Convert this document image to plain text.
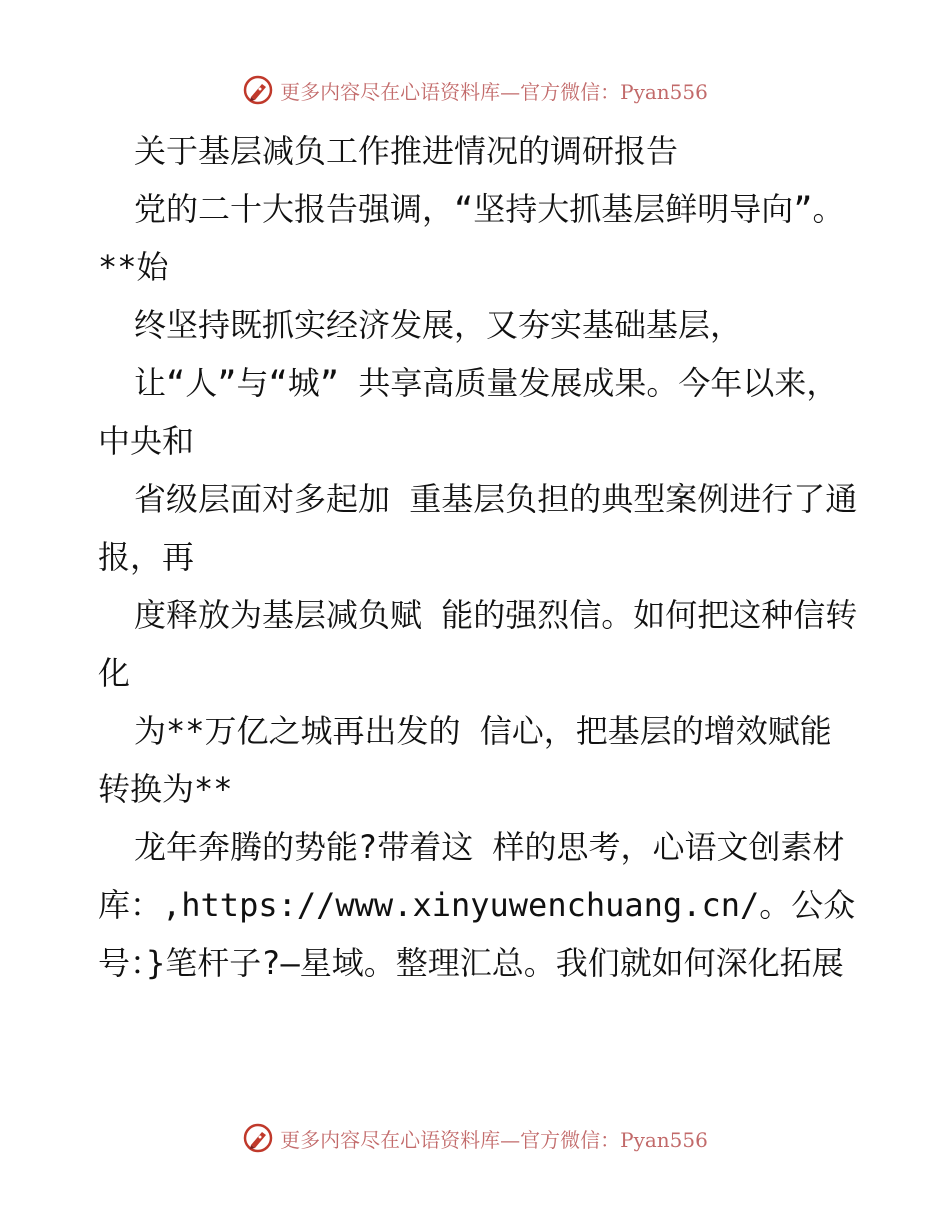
更多内容尽在心语资料库—官方微信：Pyan556

关于基层减负工作推进情况的调研报告

党的二十大报告强调，“坚持大抓基层鲜明导向”。**始

终坚持既抓实经济发展，又夯实基础基层，

让“人”与“城” 共享高质量发展成果。今年以来，中央和

省级层面对多起加 重基层负担的典型案例进行了通报，再

度释放为基层减负赋 能的强烈信。如何把这种信转化

为**万亿之城再出发的 信心，把基层的增效赋能转换为**

龙年奔腾的势能?带着这 样的思考，心语文创素材库：,https://www.xinyuwenchuang.cn/。公众号：}笔杆子?—星域。整理汇总。我们就如何深化拓展

更多内容尽在心语资料库—官方微信：Pyan556
